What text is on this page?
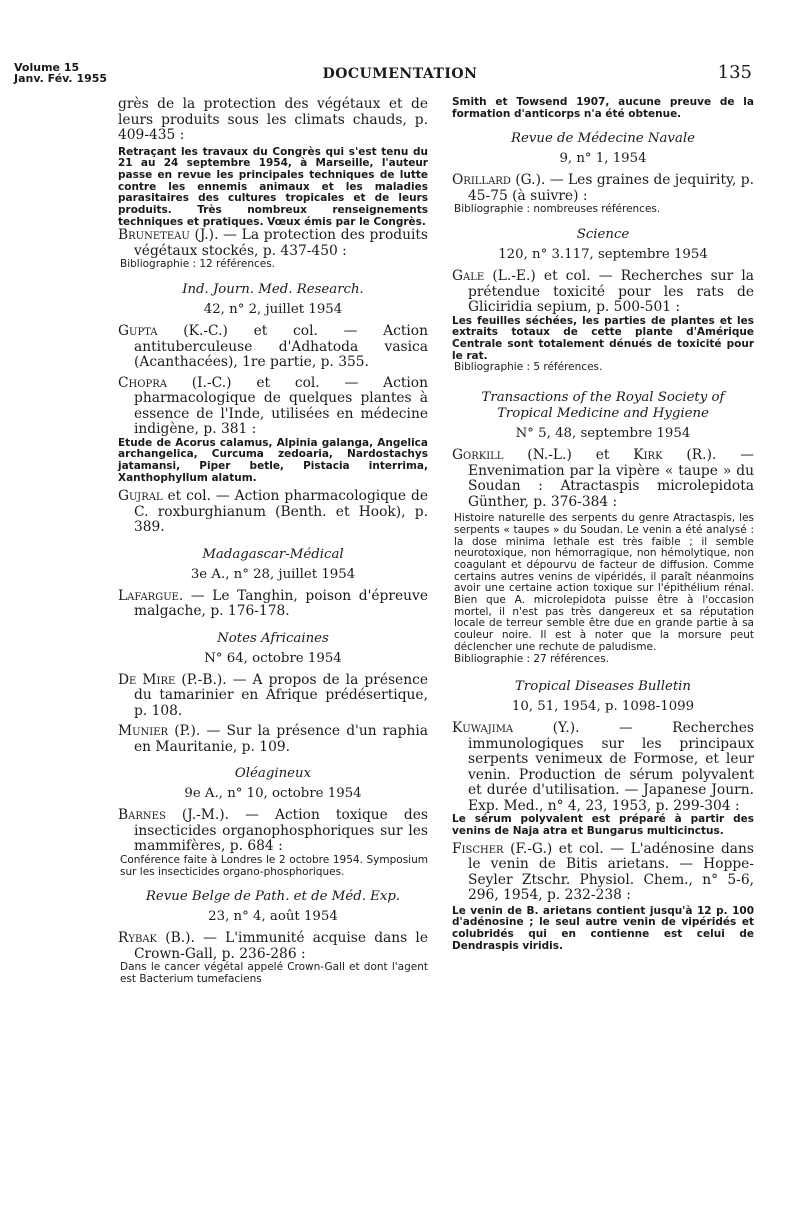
Volume 15
Janv. Fév. 1955	DOCUMENTATION	135

grès de la protection des végétaux et de leurs produits sous les climats chauds, p. 409-435 :

Retraçant les travaux du Congrès qui s'est tenu du 21 au 24 septembre 1954, à Marseille, l'auteur passe en revue les principales techniques de lutte contre les ennemis animaux et les maladies parasitaires des cultures tropicales et de leurs produits. Très nombreux renseignements techniques et pratiques. Vœux émis par le Congrès.

Bruneteau (J.). — La protection des produits végétaux stockés, p. 437-450 :

Bibliographie : 12 références.

Ind. Journ. Med. Research.

42, n° 2, juillet 1954

Gupta (K.-C.) et col. — Action antituberculeuse d'Adhatoda vasica (Acanthacées), 1re partie, p. 355.

Chopra (I.-C.) et col. — Action pharmacologique de quelques plantes à essence de l'Inde, utilisées en médecine indigène, p. 381 :

Etude de Acorus calamus, Alpinia galanga, Angelica archangelica, Curcuma zedoaria, Nardostachys jatamansi, Piper betle, Pistacia interrima, Xanthophyllum alatum.

Gujral et col. — Action pharmacologique de C. roxburghianum (Benth. et Hook), p. 389.

Madagascar-Médical

3e A., n° 28, juillet 1954

Lafargue. — Le Tanghin, poison d'épreuve malgache, p. 176-178.

Notes Africaines

N° 64, octobre 1954

De Mire (P.-B.). — A propos de la présence du tamarinier en Afrique prédésertique, p. 108.

Munier (P.). — Sur la présence d'un raphia en Mauritanie, p. 109.

Oléagineux

9e A., n° 10, octobre 1954

Barnes (J.-M.). — Action toxique des insecticides organophosphoriques sur les mammifères, p. 684 :

Conférence faite à Londres le 2 octobre 1954. Symposium sur les insecticides organo-phosphoriques.

Revue Belge de Path. et de Méd. Exp.

23, n° 4, août 1954

Rybak (B.). — L'immunité acquise dans le Crown-Gall, p. 236-286 :

Dans le cancer végétal appelé Crown-Gall et dont l'agent est Bacterium tumefaciens

Smith et Towsend 1907, aucune preuve de la formation d'anticorps n'a été obtenue.

Revue de Médecine Navale

9, n° 1, 1954

Orillard (G.). — Les graines de jequirity, p. 45-75 (à suivre) :

Bibliographie : nombreuses références.

Science

120, n° 3.117, septembre 1954

Gale (L.-E.) et col. — Recherches sur la prétendue toxicité pour les rats de Gliciridia sepium, p. 500-501 :

Les feuilles séchées, les parties de plantes et les extraits totaux de cette plante d'Amérique Centrale sont totalement dénués de toxicité pour le rat.

Bibliographie : 5 références.

Transactions of the Royal Society of Tropical Medicine and Hygiene

N° 5, 48, septembre 1954

Gorkill (N.-L.) et Kirk (R.). — Envenimation par la vipère « taupe » du Soudan : Atractaspis microlepidota Günther, p. 376-384 :

Histoire naturelle des serpents du genre Atractaspis, les serpents « taupes » du Soudan. Le venin a été analysé : la dose minima lethale est très faible ; il semble neurotoxique, non hémorragique, non hémolytique, non coagulant et dépourvu de facteur de diffusion. Comme certains autres venins de vipéridés, il paraît néanmoins avoir une certaine action toxique sur l'épithélium rénal. Bien que A. microlepidota puisse être à l'occasion mortel, il n'est pas très dangereux et sa réputation locale de terreur semble être due en grande partie à sa couleur noire. Il est à noter que la morsure peut déclencher une rechute de paludisme.

Bibliographie : 27 références.

Tropical Diseases Bulletin

10, 51, 1954, p. 1098-1099

Kuwajima (Y.). — Recherches immunologiques sur les principaux serpents venimeux de Formose, et leur venin. Production de sérum polyvalent et durée d'utilisation. — Japanese Journ. Exp. Med., n° 4, 23, 1953, p. 299-304 :

Le sérum polyvalent est préparé à partir des venins de Naja atra et Bungarus multicinctus.

Fischer (F.-G.) et col. — L'adénosine dans le venin de Bitis arietans. — Hoppe-Seyler Ztschr. Physiol. Chem., n° 5-6, 296, 1954, p. 232-238 :

Le venin de B. arietans contient jusqu'à 12 p. 100 d'adénosine ; le seul autre venin de vipéridés et colubridés qui en contienne est celui de Dendraspis viridis.
